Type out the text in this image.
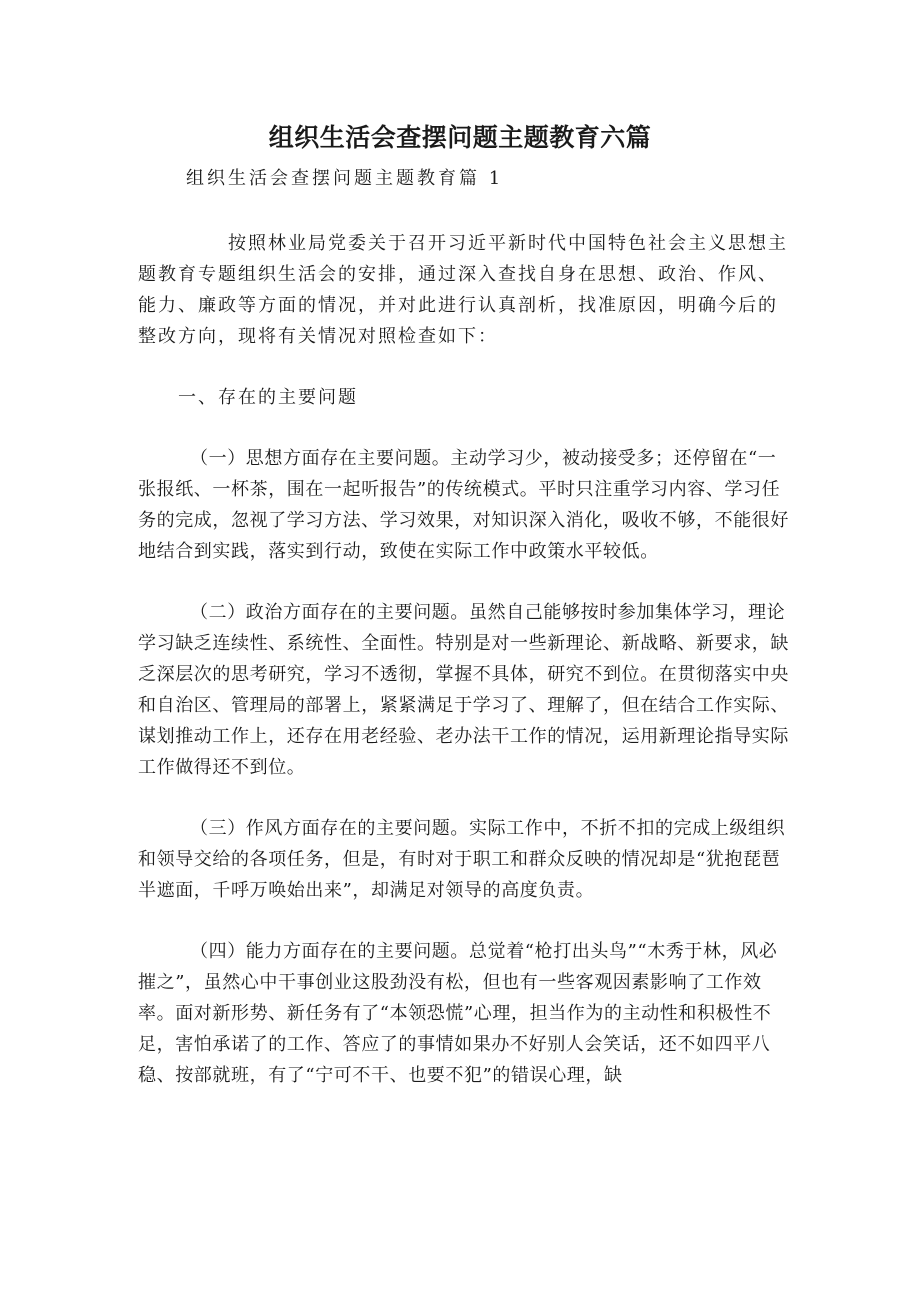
组织生活会查摆问题主题教育六篇
组织生活会查摆问题主题教育篇 1

按照林业局党委关于召开习近平新时代中国特色社会主义思想主题教育专题组织生活会的安排，通过深入查找自身在思想、政治、作风、能力、廉政等方面的情况，并对此进行认真剖析，找准原因，明确今后的整改方向，现将有关情况对照检查如下：

一、存在的主要问题

（一）思想方面存在主要问题。主动学习少，被动接受多；还停留在“一张报纸、一杯茶，围在一起听报告”的传统模式。平时只注重学习内容、学习任务的完成，忽视了学习方法、学习效果，对知识深入消化，吸收不够，不能很好地结合到实践，落实到行动，致使在实际工作中政策水平较低。

（二）政治方面存在的主要问题。虽然自己能够按时参加集体学习，理论学习缺乏连续性、系统性、全面性。特别是对一些新理论、新战略、新要求，缺乏深层次的思考研究，学习不透彻，掌握不具体，研究不到位。在贯彻落实中央和自治区、管理局的部署上，紧紧满足于学习了、理解了，但在结合工作实际、谋划推动工作上，还存在用老经验、老办法干工作的情况，运用新理论指导实际工作做得还不到位。

（三）作风方面存在的主要问题。实际工作中，不折不扣的完成上级组织和领导交给的各项任务，但是，有时对于职工和群众反映的情况却是“犹抱琵琶半遮面，千呼万唤始出来”，却满足对领导的高度负责。

（四）能力方面存在的主要问题。总觉着“枪打出头鸟”“木秀于林，风必摧之”，虽然心中干事创业这股劲没有松，但也有一些客观因素影响了工作效率。面对新形势、新任务有了“本领恐慌”心理，担当作为的主动性和积极性不足，害怕承诺了的工作、答应了的事情如果办不好别人会笑话，还不如四平八稳、按部就班，有了“宁可不干、也要不犯”的错误心理，缺
